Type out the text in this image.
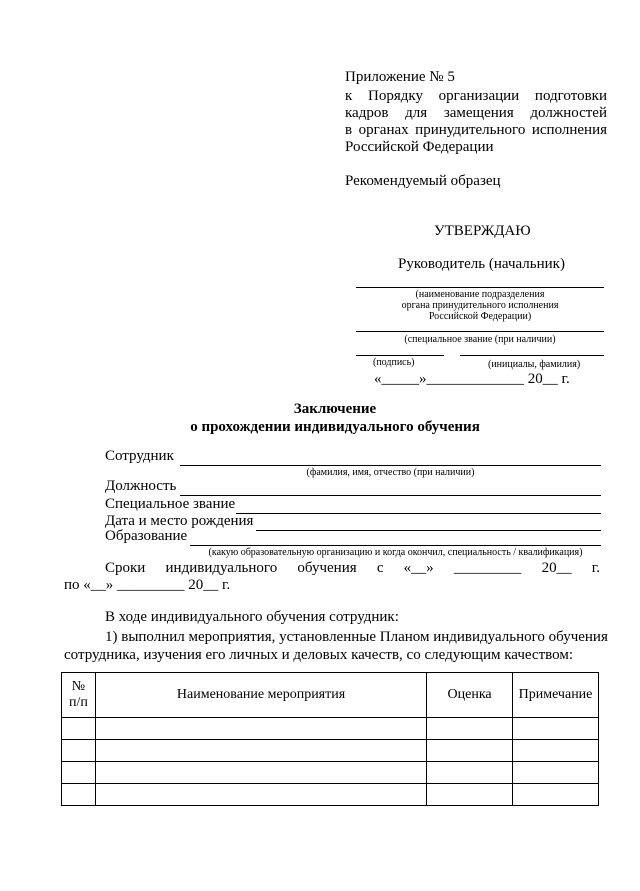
Приложение № 5
к Порядку организации подготовки
кадров для замещения должностей
в органах принудительного исполнения
Российской Федерации
Рекомендуемый образец
УТВЕРЖДАЮ
Руководитель (начальник)
(наименование подразделения
органа принудительного исполнения
Российской Федерации)
(специальное звание (при наличии)
(подпись)	(инициалы, фамилия)
«_____»_____________ 20__ г.
Заключение
о прохождении индивидуального обучения
Сотрудник
(фамилия, имя, отчество (при наличии)
Должность
Специальное звание
Дата и место рождения
Образование
(какую образовательную организацию и когда окончил, специальность / квалификация)
Сроки индивидуального обучения с «__» _________ 20__ г.
по «__» _________ 20__ г.
В ходе индивидуального обучения сотрудник:
1) выполнил мероприятия, установленные Планом индивидуального обучения
сотрудника, изучения его личных и деловых качеств, со следующим качеством:
№
п/п	Наименование мероприятия	Оценка	Примечание
